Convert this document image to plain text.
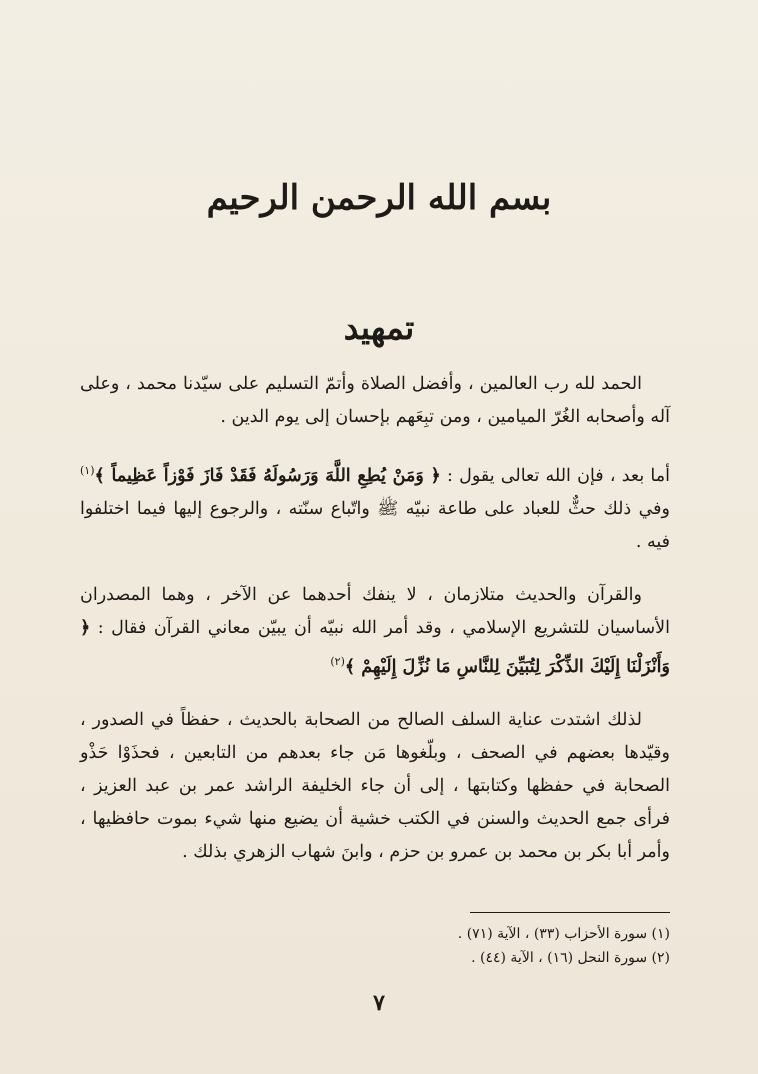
بسم الله الرحمن الرحيم
تمهيد

الحمد لله رب العالمين ، وأفضل الصلاة وأتمّ التسليم على سيّدنا محمد ، وعلى آله وأصحابه الغُرّ الميامين ، ومن تبِعَهم بإحسان إلى يوم الدين .

أما بعد ، فإن الله تعالى يقول : ﴿ وَمَنْ يُطِعِ اللَّهَ وَرَسُولَهُ فَقَدْ فَازَ فَوْزاً عَظِيماً ﴾$^{(١)}$ وفي ذلك حثٌّ للعباد على طاعة نبيّه ﷺ واتّباع سنّته ، والرجوع إليها فيما اختلفوا فيه .

والقرآن والحديث متلازمان ، لا ينفك أحدهما عن الآخر ، وهما المصدران الأساسيان للتشريع الإسلامي ، وقد أمر الله نبيّه أن يبيّن معاني القرآن فقال : ﴿ وَأَنْزَلْنَا إِلَيْكَ الذِّكْرَ لِتُبَيِّنَ لِلنَّاسِ مَا نُزِّلَ إِلَيْهِمْ ﴾$^{(٢)}$

لذلك اشتدت عناية السلف الصالح من الصحابة بالحديث ، حفظاً في الصدور ، وقيّدها بعضهم في الصحف ، وبلّغوها مَن جاء بعدهم من التابعين ، فحذَوْا حَذْو الصحابة في حفظها وكتابتها ، إلى أن جاء الخليفة الراشد عمر بن عبد العزيز ، فرأى جمع الحديث والسنن في الكتب خشية أن يضيع منها شيء بموت حافظيها ، وأمر أبا بكر بن محمد بن عمرو بن حزم ، وابنَ شهاب الزهري بذلك .

(١) سورة الأحزاب (٣٣) ، الآية (٧١) .
(٢) سورة النحل (١٦) ، الآية (٤٤) .
٧
